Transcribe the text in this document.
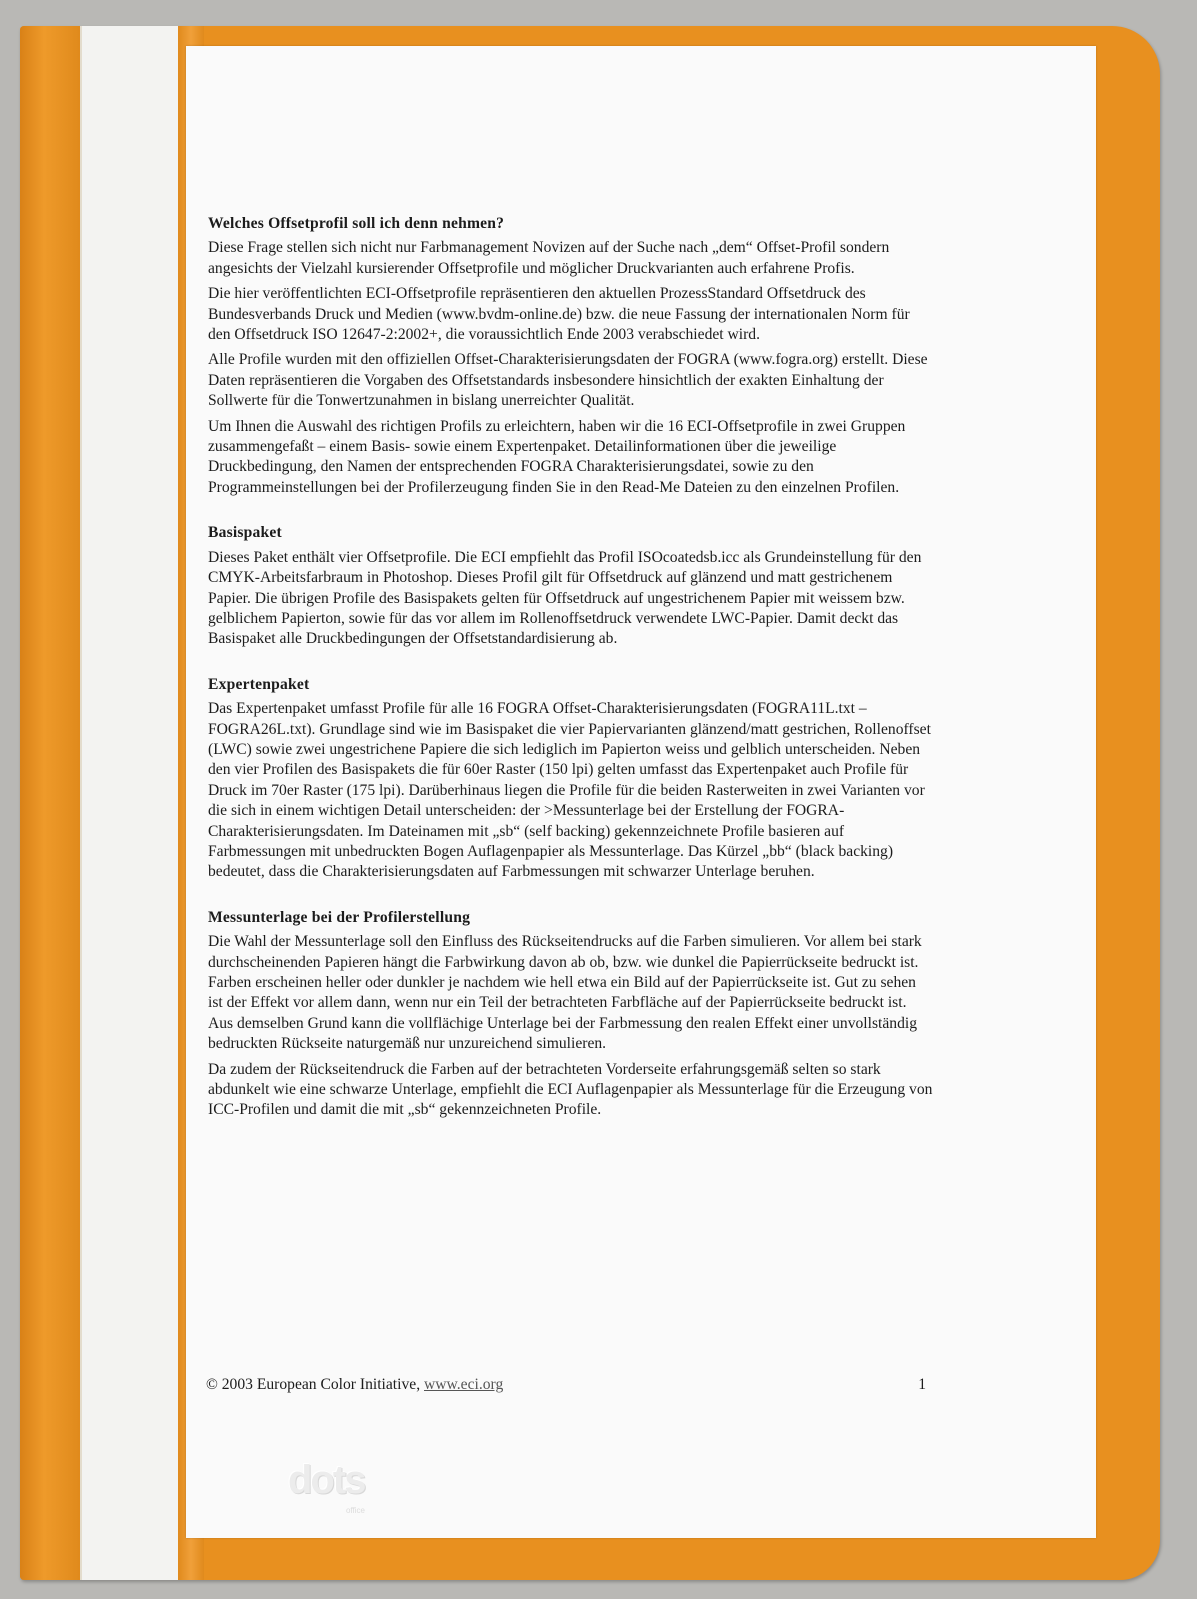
Welches Offsetprofil soll ich denn nehmen?

Diese Frage stellen sich nicht nur Farbmanagement Novizen auf der Suche nach „dem“ Offset-Profil sondern angesichts der Vielzahl kursierender Offsetprofile und möglicher Druckvarianten auch erfahrene Profis.

Die hier veröffentlichten ECI-Offsetprofile repräsentieren den aktuellen ProzessStandard Offsetdruck des Bundesverbands Druck und Medien (www.bvdm-online.de) bzw. die neue Fassung der internationalen Norm für den Offsetdruck ISO 12647-2:2002+, die voraussichtlich Ende 2003 verabschiedet wird.

Alle Profile wurden mit den offiziellen Offset-Charakterisierungsdaten der FOGRA (www.fogra.org) erstellt. Diese Daten repräsentieren die Vorgaben des Offsetstandards insbesondere hinsichtlich der exakten Einhaltung der Sollwerte für die Tonwertzunahmen in bislang unerreichter Qualität.

Um Ihnen die Auswahl des richtigen Profils zu erleichtern, haben wir die 16 ECI-Offsetprofile in zwei Gruppen zusammengefaßt – einem Basis- sowie einem Expertenpaket. Detailinformationen über die jeweilige Druckbedingung, den Namen der entsprechenden FOGRA Charakterisierungsdatei, sowie zu den Programmeinstellungen bei der Profilerzeugung finden Sie in den Read-Me Dateien zu den einzelnen Profilen.

Basispaket

Dieses Paket enthält vier Offsetprofile. Die ECI empfiehlt das Profil ISOcoatedsb.icc als Grundeinstellung für den CMYK-Arbeitsfarbraum in Photoshop. Dieses Profil gilt für Offsetdruck auf glänzend und matt gestrichenem Papier. Die übrigen Profile des Basispakets gelten für Offsetdruck auf ungestrichenem Papier mit weissem bzw. gelblichem Papierton, sowie für das vor allem im Rollenoffsetdruck verwendete LWC-Papier. Damit deckt das Basispaket alle Druckbedingungen der Offsetstandardisierung ab.

Expertenpaket

Das Expertenpaket umfasst Profile für alle 16 FOGRA Offset-Charakterisierungsdaten (FOGRA11L.txt – FOGRA26L.txt). Grundlage sind wie im Basispaket die vier Papiervarianten glänzend/matt gestrichen, Rollenoffset (LWC) sowie zwei ungestrichene Papiere die sich lediglich im Papierton weiss und gelblich unterscheiden. Neben den vier Profilen des Basispakets die für 60er Raster (150 lpi) gelten umfasst das Expertenpaket auch Profile für Druck im 70er Raster (175 lpi). Darüberhinaus liegen die Profile für die beiden Rasterweiten in zwei Varianten vor die sich in einem wichtigen Detail unterscheiden: der >Messunterlage bei der Erstellung der FOGRA-Charakterisierungsdaten. Im Dateinamen mit „sb“ (self backing) gekennzeichnete Profile basieren auf Farbmessungen mit unbedruckten Bogen Auflagenpapier als Messunterlage. Das Kürzel „bb“ (black backing) bedeutet, dass die Charakterisierungsdaten auf Farbmessungen mit schwarzer Unterlage beruhen.

Messunterlage bei der Profilerstellung

Die Wahl der Messunterlage soll den Einfluss des Rückseitendrucks auf die Farben simulieren. Vor allem bei stark durchscheinenden Papieren hängt die Farbwirkung davon ab ob, bzw. wie dunkel die Papierrückseite bedruckt ist. Farben erscheinen heller oder dunkler je nachdem wie hell etwa ein Bild auf der Papierrückseite ist. Gut zu sehen ist der Effekt vor allem dann, wenn nur ein Teil der betrachteten Farbfläche auf der Papierrückseite bedruckt ist. Aus demselben Grund kann die vollflächige Unterlage bei der Farbmessung den realen Effekt einer unvollständig bedruckten Rückseite naturgemäß nur unzureichend simulieren.

Da zudem der Rückseitendruck die Farben auf der betrachteten Vorderseite erfahrungsgemäß selten so stark abdunkelt wie eine schwarze Unterlage, empfiehlt die ECI Auflagenpapier als Messunterlage für die Erzeugung von ICC-Profilen und damit die mit „sb“ gekennzeichneten Profile.

© 2003 European Color Initiative, www.eci.org	1
dots
office
